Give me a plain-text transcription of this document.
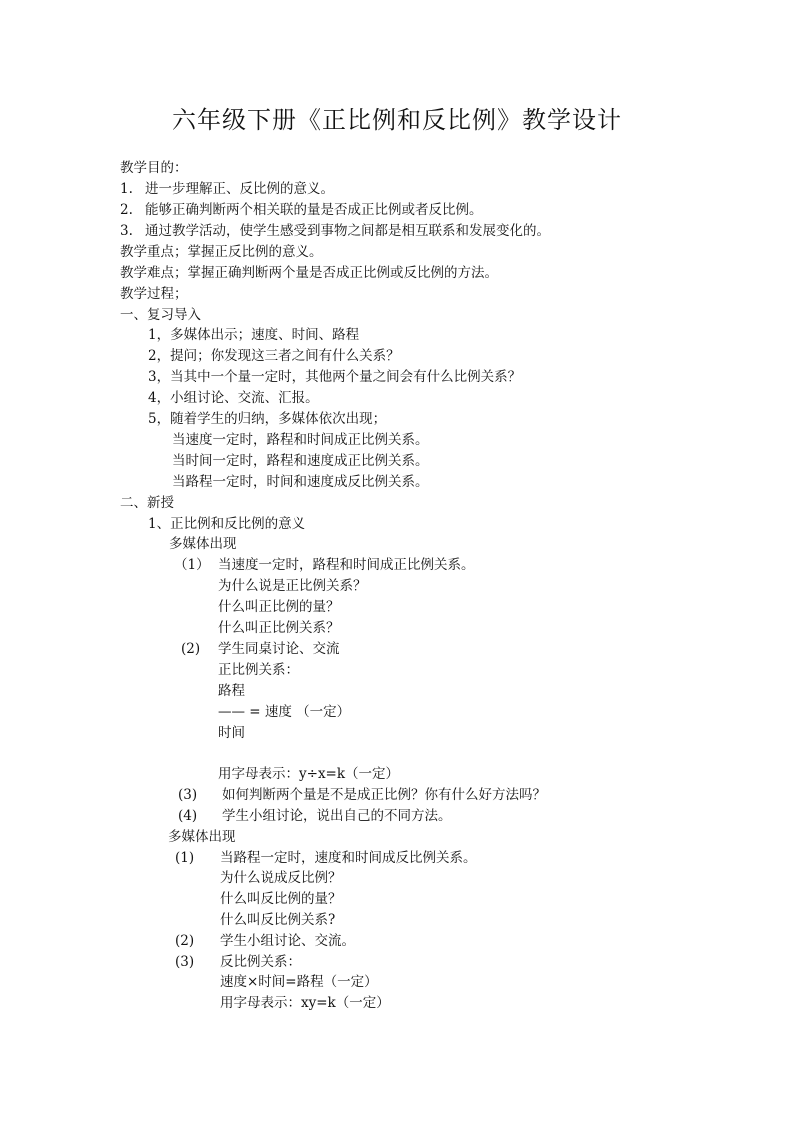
六年级下册《正比例和反比例》教学设计
教学目的：
1. 进一步理解正、反比例的意义。
2. 能够正确判断两个相关联的量是否成正比例或者反比例。
3. 通过教学活动，使学生感受到事物之间都是相互联系和发展变化的。
教学重点；掌握正反比例的意义。
教学难点；掌握正确判断两个量是否成正比例或反比例的方法。
教学过程；
一、复习导入
1，多媒体出示；速度、时间、路程
2，提问；你发现这三者之间有什么关系？
3，当其中一个量一定时，其他两个量之间会有什么比例关系？
4，小组讨论、交流、汇报。
5，随着学生的归纳，多媒体依次出现；
当速度一定时，路程和时间成正比例关系。
当时间一定时，路程和速度成正比例关系。
当路程一定时，时间和速度成反比例关系。
二、新授
1、正比例和反比例的意义
多媒体出现
（1） 当速度一定时，路程和时间成正比例关系。
为什么说是正比例关系？
什么叫正比例的量？
什么叫正比例关系？
(2) 学生同桌讨论、交流
正比例关系：
路程
—— = 速度 （一定）
时间
用字母表示：y÷x=k（一定）
(3) 如何判断两个量是不是成正比例？你有什么好方法吗？
(4) 学生小组讨论，说出自己的不同方法。
多媒体出现
(1) 当路程一定时，速度和时间成反比例关系。
为什么说成反比例？
什么叫反比例的量？
什么叫反比例关系?
(2) 学生小组讨论、交流。
(3) 反比例关系：
速度×时间=路程（一定）
用字母表示：xy=k（一定）
